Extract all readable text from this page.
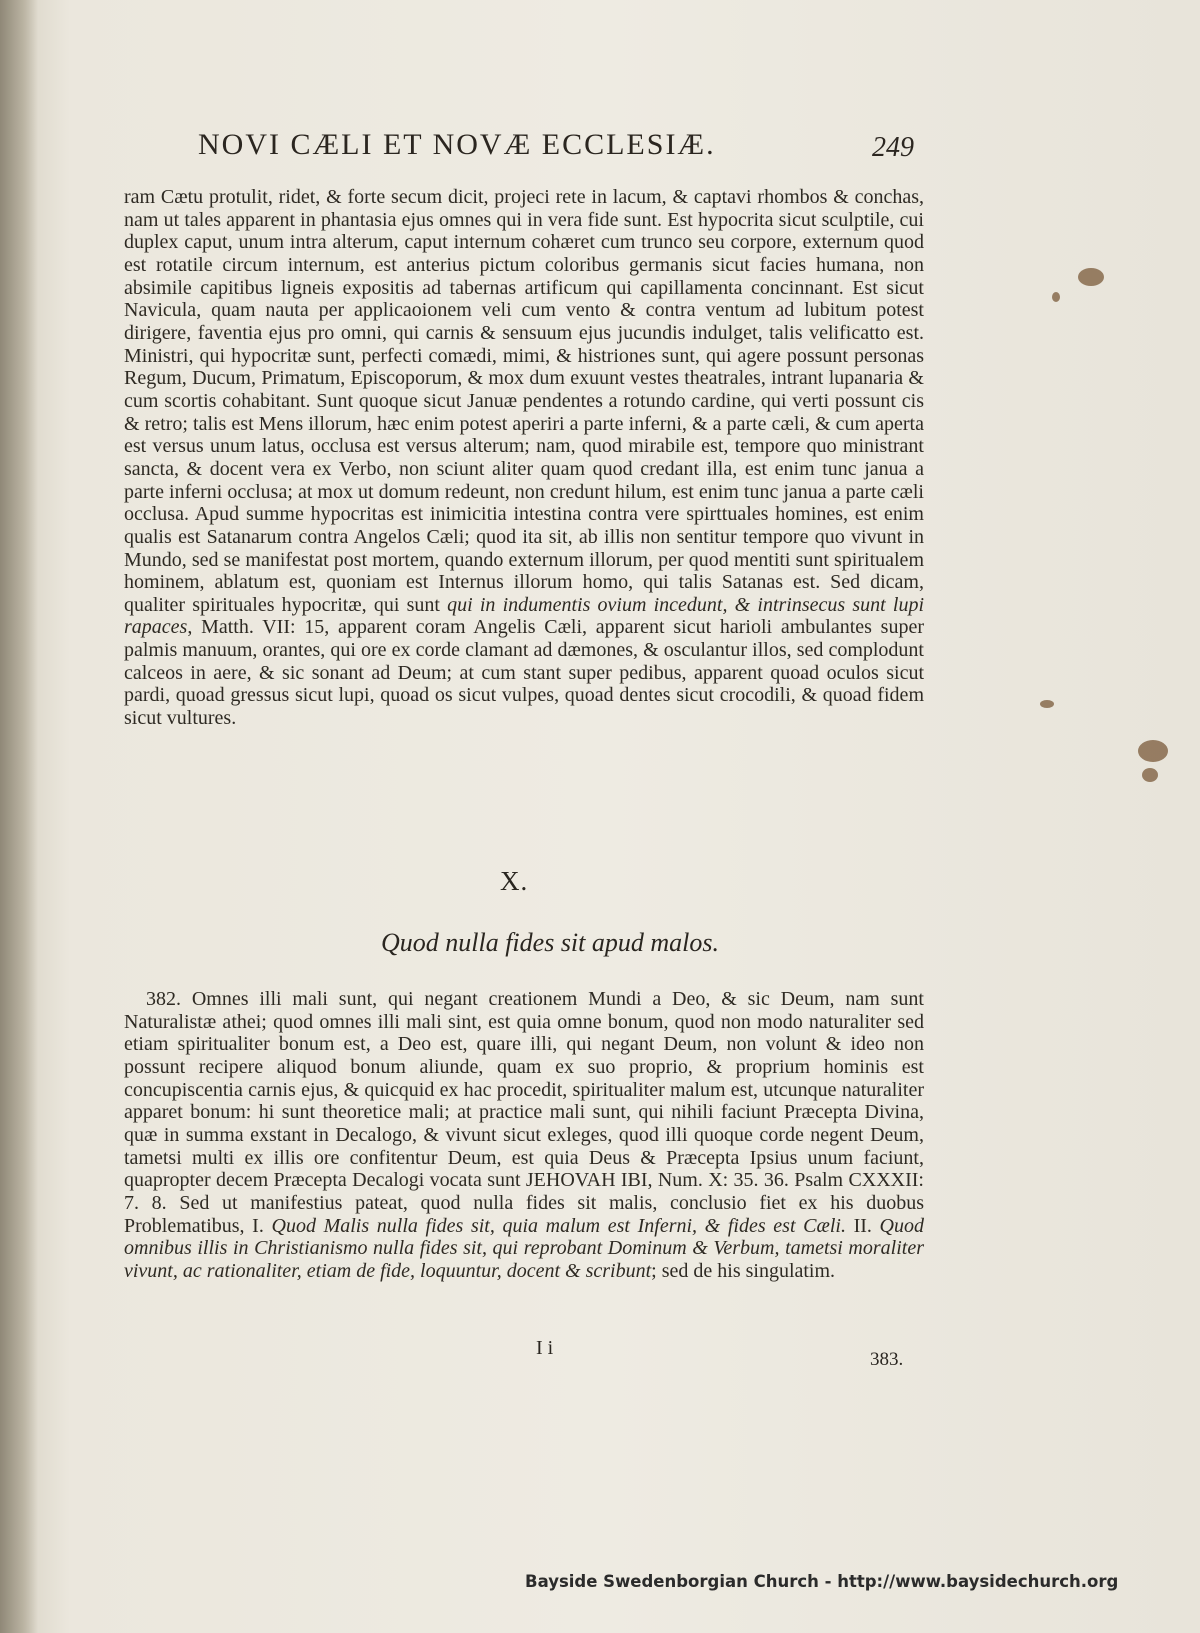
NOVI CÆLI ET NOVÆ ECCLESIÆ.	249
ram Cætu protulit, ridet, & forte secum dicit, projeci rete in lacum, & captavi rhombos & conchas, nam ut tales apparent in phantasia ejus omnes qui in vera fide sunt. Est hypocrita sicut sculptile, cui duplex caput, unum intra alterum, caput internum cohæret cum trunco seu corpore, externum quod est rotatile circum internum, est anterius pictum coloribus germanis sicut facies humana, non absimile capitibus ligneis expositis ad tabernas artificum qui capillamenta concinnant. Est sicut Navicula, quam nauta per applicaoionem veli cum vento & contra ventum ad lubitum potest dirigere, faventia ejus pro omni, qui carnis & sensuum ejus jucundis indulget, talis velificatto est. Ministri, qui hypocritæ sunt, perfecti comædi, mimi, & histriones sunt, qui agere possunt personas Regum, Ducum, Primatum, Episcoporum, & mox dum exuunt vestes theatrales, intrant lupanaria & cum scortis cohabitant. Sunt quoque sicut Januæ pendentes a rotundo cardine, qui verti possunt cis & retro; talis est Mens illorum, hæc enim potest aperiri a parte inferni, & a parte cæli, & cum aperta est versus unum latus, occlusa est versus alterum; nam, quod mirabile est, tempore quo ministrant sancta, & docent vera ex Verbo, non sciunt aliter quam quod credant illa, est enim tunc janua a parte inferni occlusa; at mox ut domum redeunt, non credunt hilum, est enim tunc janua a parte cæli occlusa. Apud summe hypocritas est inimicitia intestina contra vere spirttuales homines, est enim qualis est Satanarum contra Angelos Cæli; quod ita sit, ab illis non sentitur tempore quo vivunt in Mundo, sed se manifestat post mortem, quando externum illorum, per quod mentiti sunt spiritualem hominem, ablatum est, quoniam est Internus illorum homo, qui talis Satanas est. Sed dicam, qualiter spirituales hypocritæ, qui sunt qui in indumentis ovium incedunt, & intrinsecus sunt lupi rapaces, Matth. VII: 15, apparent coram Angelis Cæli, apparent sicut harioli ambulantes super palmis manuum, orantes, qui ore ex corde clamant ad dæmones, & osculantur illos, sed complodunt calceos in aere, & sic sonant ad Deum; at cum stant super pedibus, apparent quoad oculos sicut pardi, quoad gressus sicut lupi, quoad os sicut vulpes, quoad dentes sicut crocodili, & quoad fidem sicut vultures.
X.
Quod nulla fides sit apud malos.
382. Omnes illi mali sunt, qui negant creationem Mundi a Deo, & sic Deum, nam sunt Naturalistæ athei; quod omnes illi mali sint, est quia omne bonum, quod non modo naturaliter sed etiam spiritualiter bonum est, a Deo est, quare illi, qui negant Deum, non volunt & ideo non possunt recipere aliquod bonum aliunde, quam ex suo proprio, & proprium hominis est concupiscentia carnis ejus, & quicquid ex hac procedit, spiritualiter malum est, utcunque naturaliter apparet bonum: hi sunt theoretice mali; at practice mali sunt, qui nihili faciunt Præcepta Divina, quæ in summa exstant in Decalogo, & vivunt sicut exleges, quod illi quoque corde negent Deum, tametsi multi ex illis ore confitentur Deum, est quia Deus & Præcepta Ipsius unum faciunt, quapropter decem Præcepta Decalogi vocata sunt JEHOVAH IBI, Num. X: 35. 36. Psalm CXXXII: 7. 8. Sed ut manifestius pateat, quod nulla fides sit malis, conclusio fiet ex his duobus Problematibus, I. Quod Malis nulla fides sit, quia malum est Inferni, & fides est Cæli. II. Quod omnibus illis in Christianismo nulla fides sit, qui reprobant Dominum & Verbum, tametsi moraliter vivunt, ac rationaliter, etiam de fide, loquuntur, docent & scribunt; sed de his singulatim.
I i
383.
Bayside Swedenborgian Church - http://www.baysidechurch.org
